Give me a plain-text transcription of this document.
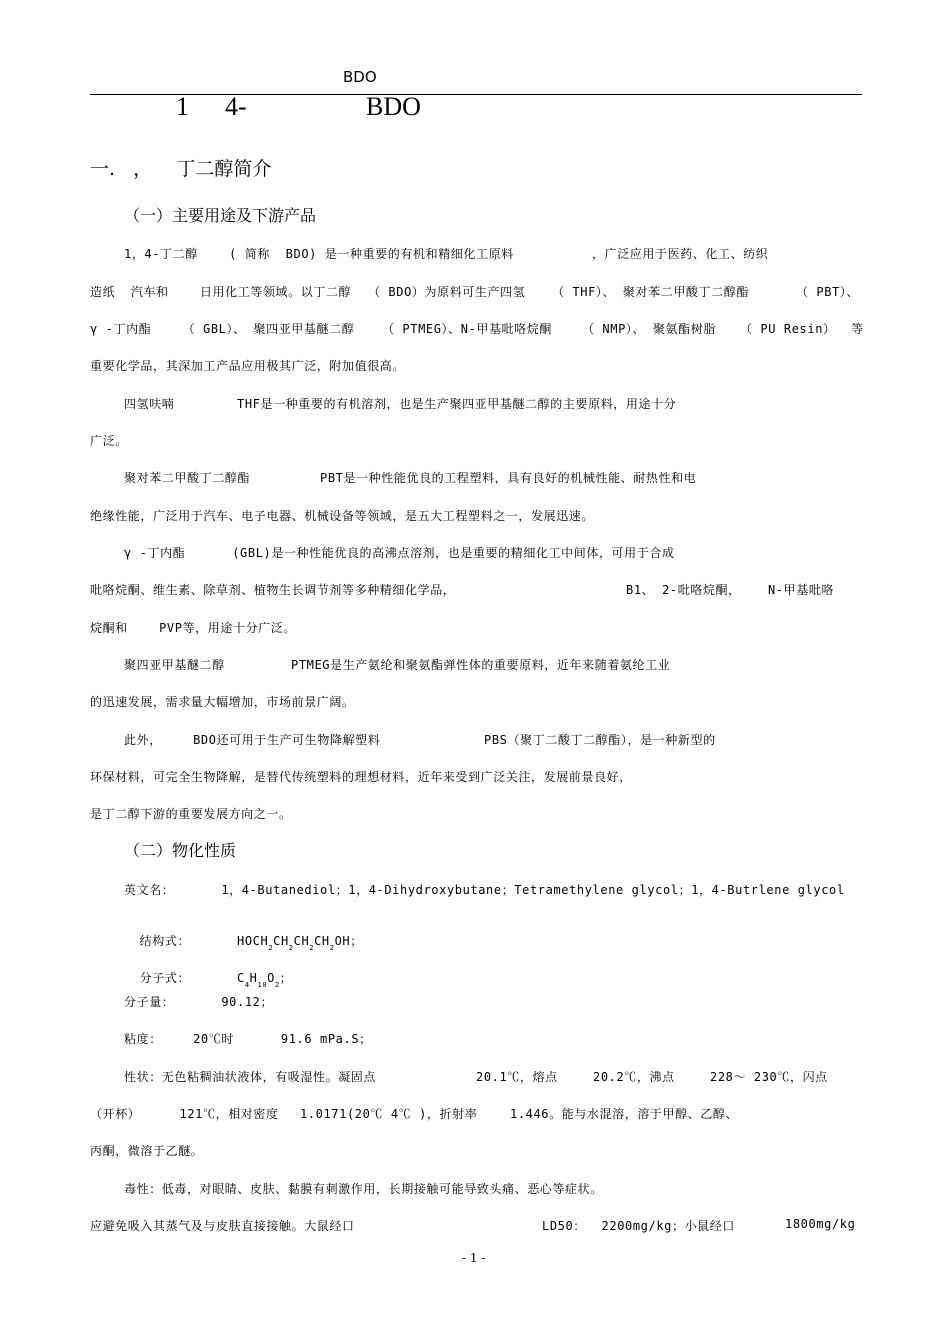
BDO
1 4-	BDO
一.   ，    丁二醇简介
（一）主要用途及下游产品
1，4-丁二醇    ( 简称  BDO) 是一种重要的有机和精细化工原料	，广泛应用于医药、化工、纺织
造纸  汽车和    日用化工等领域。以丁二醇 （ BDO）为原料可生产四氢 （ THF）、 聚对苯二甲酸丁二醇酯	（ PBT）、
γ -丁内酯    （ GBL）、 聚四亚甲基醚二醇 （ PTMEG）、N-甲基吡咯烷酮	（ NMP）、 聚氨酯树脂 （ PU Resin）  等
重要化学品，其深加工产品应用极其广泛，附加值很高。
四氢呋喃        THF是一种重要的有机溶剂，也是生产聚四亚甲基醚二醇的主要原料，用途十分
广泛。
聚对苯二甲酸丁二醇酯	PBT是一种性能优良的工程塑料，具有良好的机械性能、耐热性和电
绝缘性能，广泛用于汽车、电子电器、机械设备等领域，是五大工程塑料之一，发展迅速。
γ -丁内酯      (GBL)是一种性能优良的高沸点溶剂，也是重要的精细化工中间体，可用于合成
吡咯烷酮、维生素、除草剂、植物生长调节剂等多种精细化学品，	B1、 2-吡咯烷酮， N-甲基吡咯
烷酮和    PVP等，用途十分广泛。
聚四亚甲基醚二醇	PTMEG是生产氨纶和聚氨酯弹性体的重要原料，近年来随着氨纶工业
的迅速发展，需求量大幅增加，市场前景广阔。
此外，    BDO还可用于生产可生物降解塑料	PBS（聚丁二酸丁二醇酯），是一种新型的
环保材料，可完全生物降解，是替代传统塑料的理想材料，近年来受到广泛关注，发展前景良好，
是丁二醇下游的重要发展方向之一。
（二）物化性质
英文名：      1，4-Butanediol；1，4-Dihydroxybutane；Tetramethylene glycol；1，4-Butrlene glycol

结构式：      $HOCH_2CH_2CH_2CH_2OH$；

分子式：      $C_4H_{10}O_2$；

分子量：      90.12；
粘度：    20℃时      91.6 mPa.S；
性状：无色粘稠油状液体，有吸湿性。凝固点	20.1℃，熔点	20.2℃，沸点	228～ 230℃，闪点
（开杯）     121℃，相对密度 1.0171(20℃ 4℃ )，折射率	1.446。能与水混溶，溶于甲醇、乙醇、
丙酮，微溶于乙醚。
毒性：低毒，对眼睛、皮肤、黏膜有刺激作用，长期接触可能导致头痛、恶心等症状。
应避免吸入其蒸气及与皮肤直接接触。大鼠经口	LD50：  2200mg/kg；小鼠经口	1800mg/kg
- 1 -
